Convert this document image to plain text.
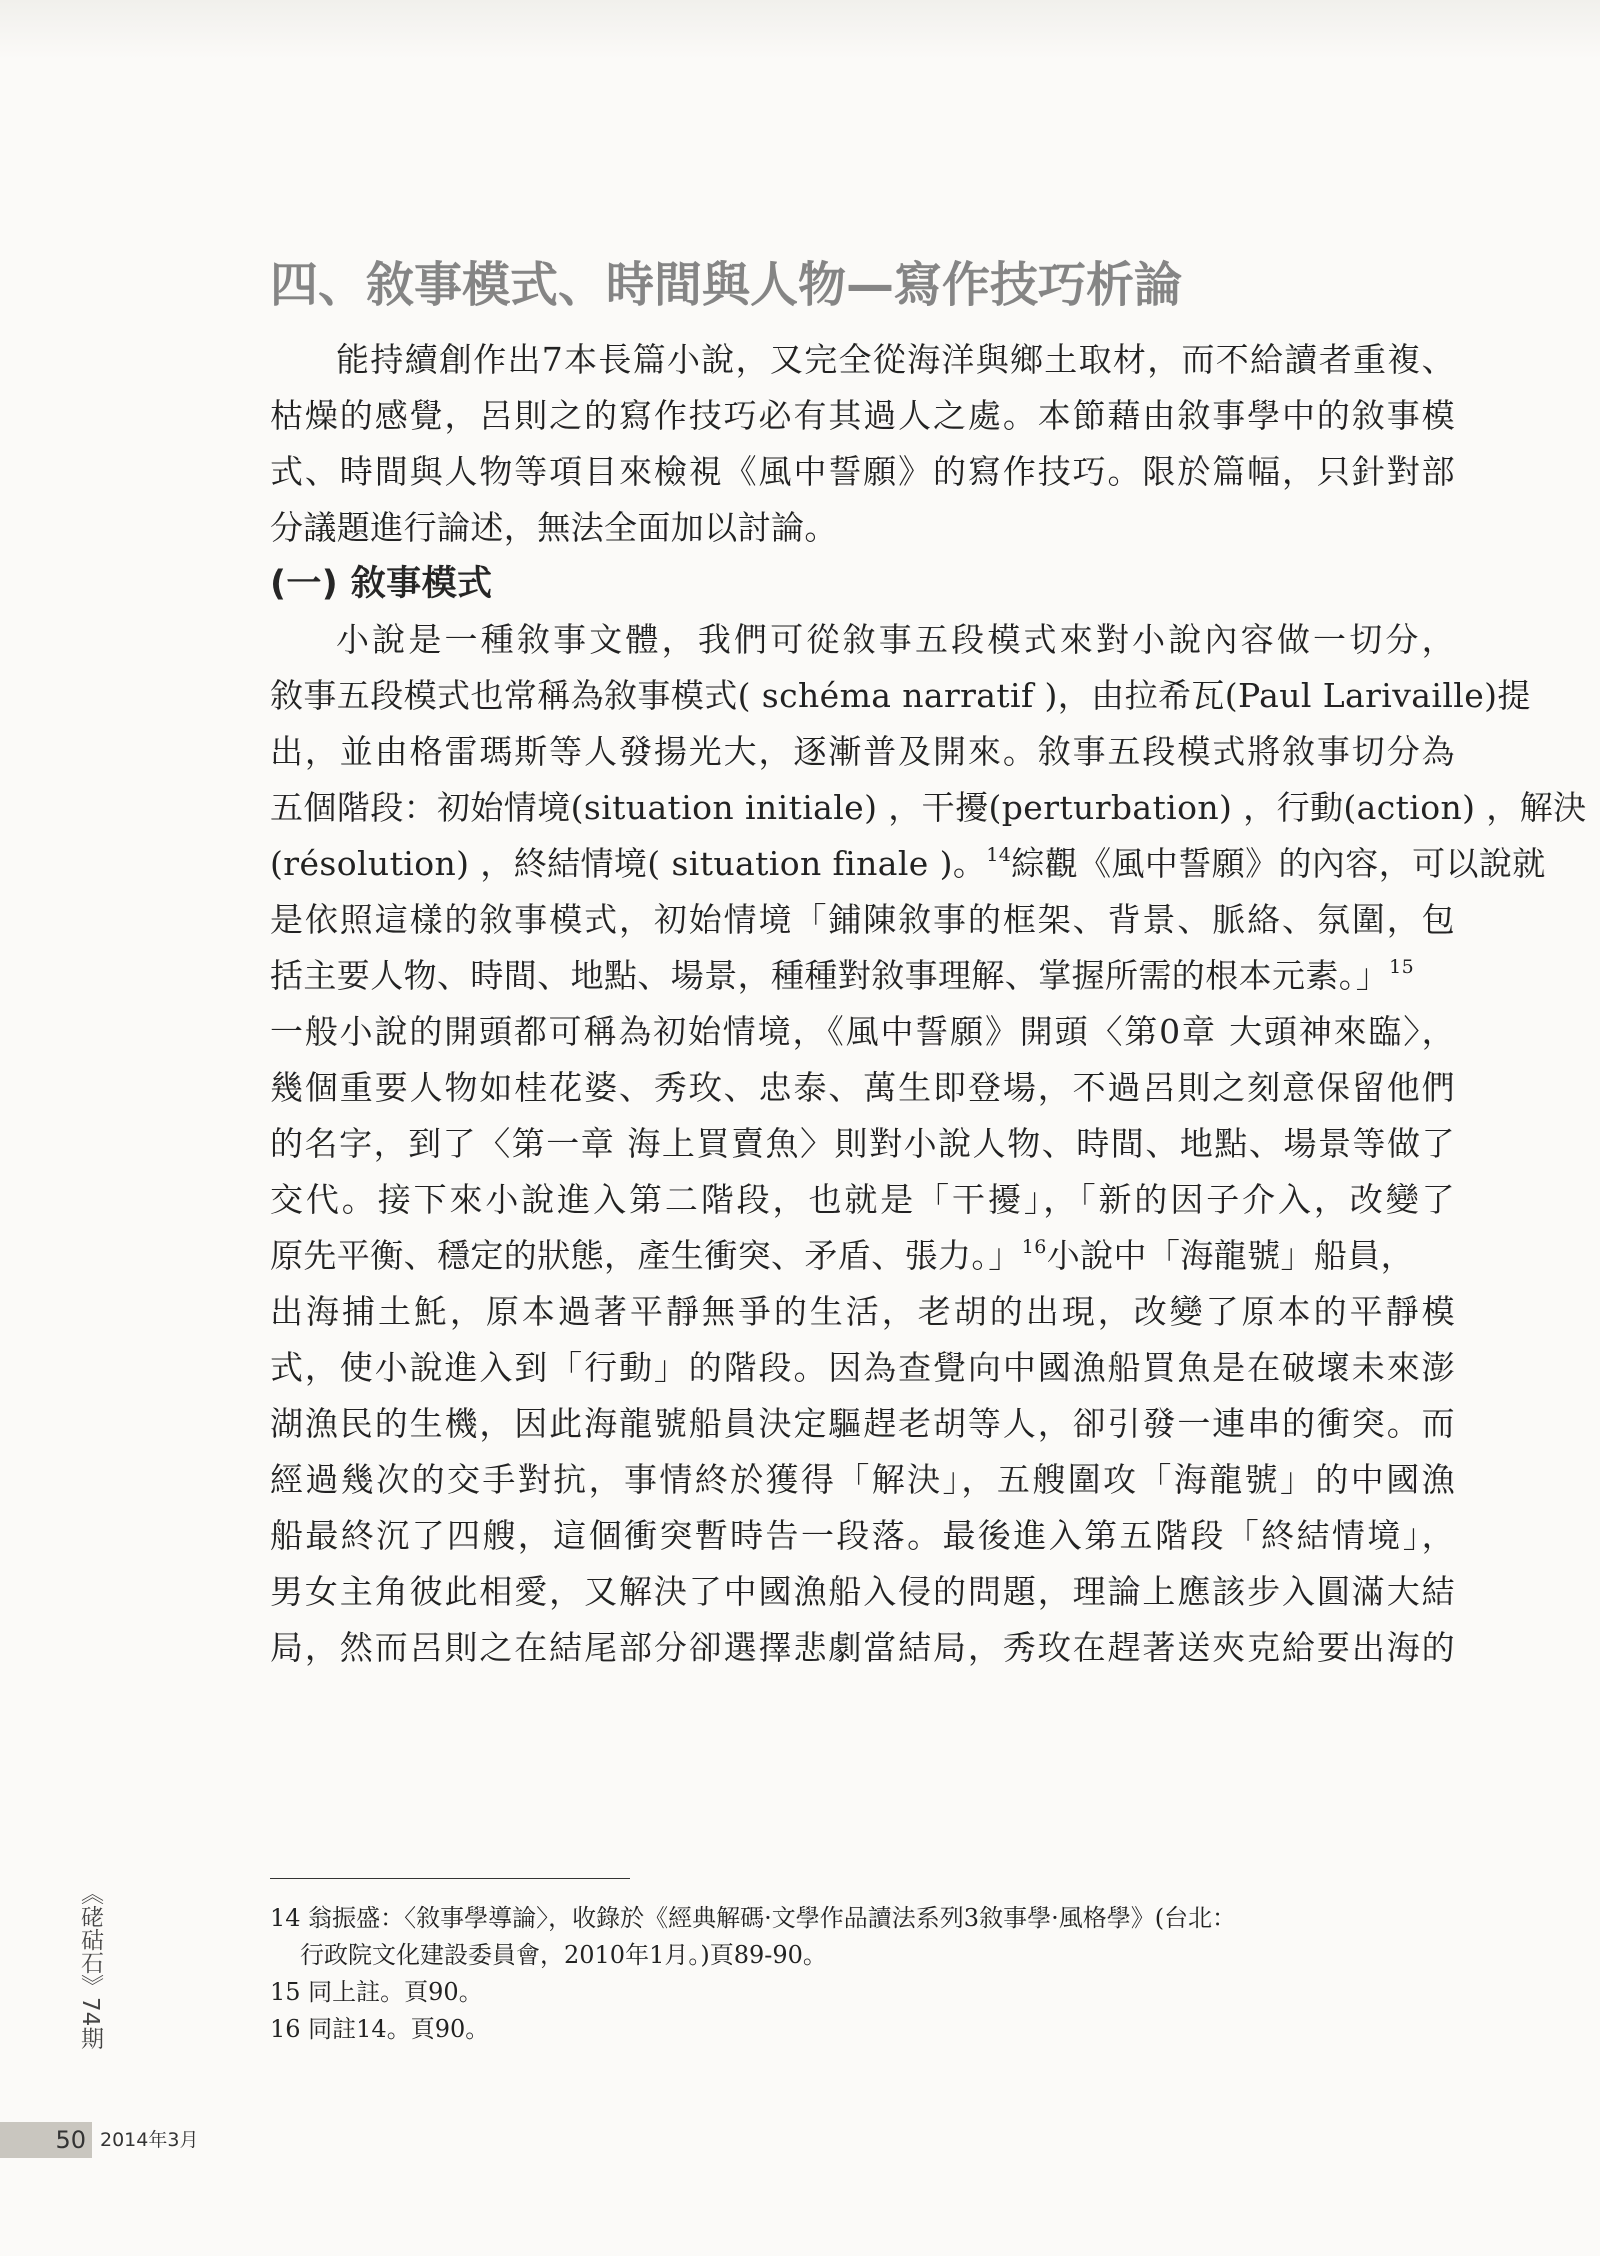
四、敘事模式、時間與人物—寫作技巧析論
能持續創作出7本長篇小說，又完全從海洋與鄉土取材，而不給讀者重複、
枯燥的感覺，呂則之的寫作技巧必有其過人之處。本節藉由敘事學中的敘事模
式、時間與人物等項目來檢視《風中誓願》的寫作技巧。限於篇幅，只針對部
分議題進行論述，無法全面加以討論。
(一) 敘事模式
小說是一種敘事文體，我們可從敘事五段模式來對小說內容做一切分，
敘事五段模式也常稱為敘事模式( schéma narratif )，由拉希瓦(Paul Larivaille)提
出，並由格雷瑪斯等人發揚光大，逐漸普及開來。敘事五段模式將敘事切分為
五個階段：初始情境(situation initiale) ，干擾(perturbation) ，行動(action) ，解決
(résolution) ，終結情境( situation finale )。$^{14}$綜觀《風中誓願》的內容，可以說就
是依照這樣的敘事模式，初始情境「鋪陳敘事的框架、背景、脈絡、氛圍，包
括主要人物、時間、地點、場景，種種對敘事理解、掌握所需的根本元素。」$^{15}$
一般小說的開頭都可稱為初始情境，《風中誓願》開頭〈第0章 大頭神來臨〉，
幾個重要人物如桂花婆、秀玫、忠泰、萬生即登場，不過呂則之刻意保留他們
的名字，到了〈第一章 海上買賣魚〉則對小說人物、時間、地點、場景等做了
交代。接下來小說進入第二階段，也就是「干擾」，「新的因子介入，改變了
原先平衡、穩定的狀態，產生衝突、矛盾、張力。」$^{16}$小說中「海龍號」船員，
出海捕土魠，原本過著平靜無爭的生活，老胡的出現，改變了原本的平靜模
式，使小說進入到「行動」的階段。因為查覺向中國漁船買魚是在破壞未來澎
湖漁民的生機，因此海龍號船員決定驅趕老胡等人，卻引發一連串的衝突。而
經過幾次的交手對抗，事情終於獲得「解決」，五艘圍攻「海龍號」的中國漁
船最終沉了四艘，這個衝突暫時告一段落。最後進入第五階段「終結情境」，
男女主角彼此相愛，又解決了中國漁船入侵的問題，理論上應該步入圓滿大結
局，然而呂則之在結尾部分卻選擇悲劇當結局，秀玫在趕著送夾克給要出海的
14 翁振盛：〈敘事學導論〉，收錄於《經典解碼·文學作品讀法系列3敘事學·風格學》(台北：
行政院文化建設委員會，2010年1月。)頁89-90。
15 同上註。頁90。
16 同註14。頁90。
《硓𥑮石》74期
50 2014年3月
